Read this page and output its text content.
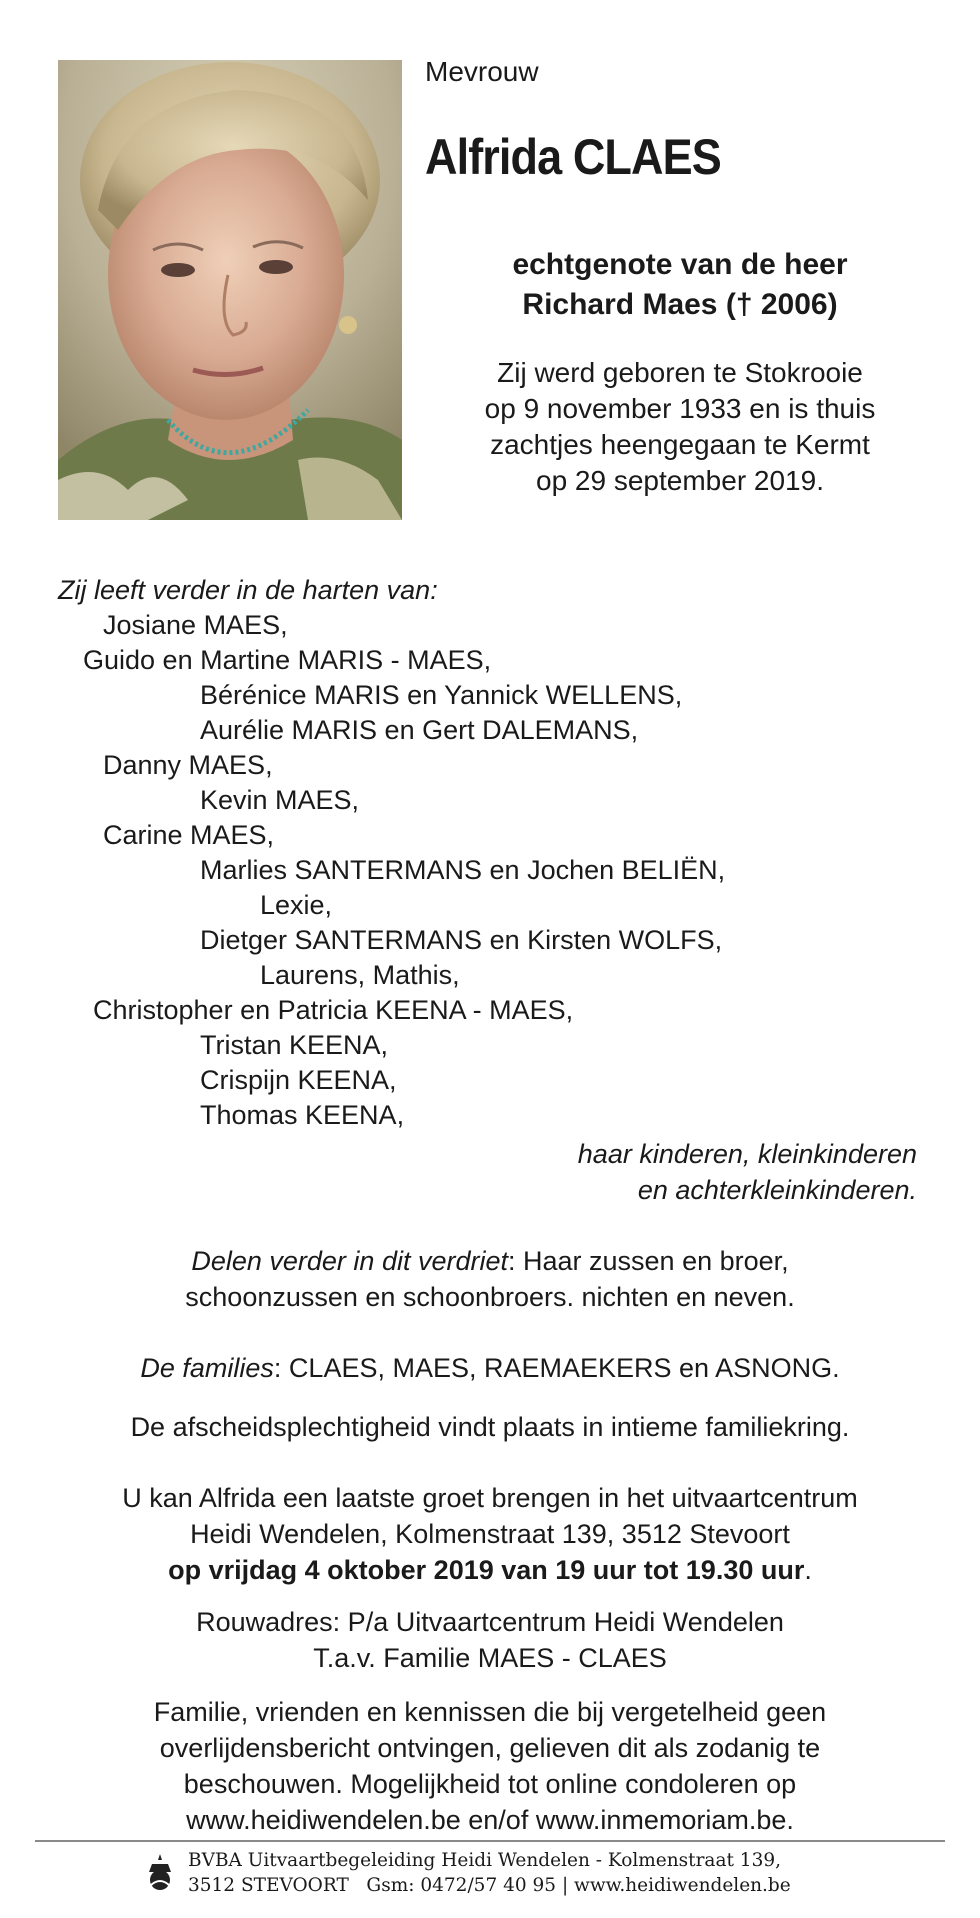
Mevrouw
Alfrida CLAES
echtgenote van de heer
Richard Maes († 2006)
Zij werd geboren te Stokrooie
op 9 november 1933 en is thuis
zachtjes heengegaan te Kermt
op 29 september 2019.
Zij leeft verder in de harten van:
Josiane MAES,
Guido en Martine MARIS - MAES,
Bérénice MARIS en Yannick WELLENS,
Aurélie MARIS en Gert DALEMANS,
Danny MAES,
Kevin MAES,
Carine MAES,
Marlies SANTERMANS en Jochen BELIËN,
Lexie,
Dietger SANTERMANS en Kirsten WOLFS,
Laurens, Mathis,
Christopher en Patricia KEENA - MAES,
Tristan KEENA,
Crispijn KEENA,
Thomas KEENA,
haar kinderen, kleinkinderen
en achterkleinkinderen.
Delen verder in dit verdriet: Haar zussen en broer,
schoonzussen en schoonbroers. nichten en neven.
De families: CLAES, MAES, RAEMAEKERS en ASNONG.
De afscheidsplechtigheid vindt plaats in intieme familiekring.
U kan Alfrida een laatste groet brengen in het uitvaartcentrum
Heidi Wendelen, Kolmenstraat 139, 3512 Stevoort
op vrijdag 4 oktober 2019 van 19 uur tot 19.30 uur.
Rouwadres: P/a Uitvaartcentrum Heidi Wendelen
T.a.v. Familie MAES - CLAES
Familie, vrienden en kennissen die bij vergetelheid geen
overlijdensbericht ontvingen, gelieven dit als zodanig te
beschouwen. Mogelijkheid tot online condoleren op
www.heidiwendelen.be en/of www.inmemoriam.be.
BVBA Uitvaartbegeleiding Heidi Wendelen - Kolmenstraat 139,
3512 STEVOORT   Gsm: 0472/57 40 95 | www.heidiwendelen.be
